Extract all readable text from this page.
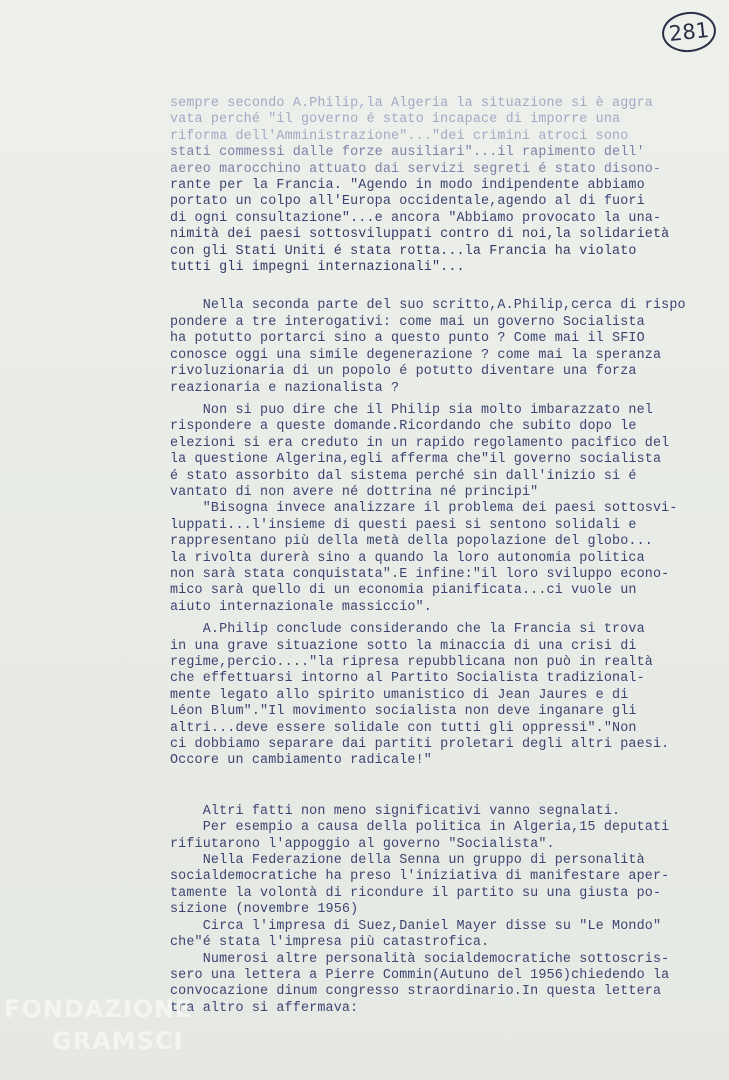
281

sempre secondo A.Philip,la Algeria la situazione si è aggra

vata perché "il governo é stato incapace di imporre una

riforma dell'Amministrazione"..."dei crimini atroci sono

stati commessi dalle forze ausiliari"...il rapimento dell'

aereo marocchino attuato dai servizi segreti é stato disono-

rante per la Francia. "Agendo in modo indipendente abbiamo

portato un colpo all'Europa occidentale,agendo al di fuori

di ogni consultazione"...e ancora "Abbiamo provocato la una-

nimità dei paesi sottosviluppati contro di noi,la solidarietà

con gli Stati Uniti é stata rotta...la Francia ha violato

tutti gli impegni internazionali"...

Nella seconda parte del suo scritto,A.Philip,cerca di rispo

pondere a tre interogativi: come mai un governo Socialista

ha potutto portarci sino a questo punto ? Come mai il SFIO

conosce oggi una simile degenerazione ? come mai la speranza

rivoluzionaria di un popolo é potutto diventare una forza

reazionaria e nazionalista ?

Non si puo dire che il Philip sia molto imbarazzato nel

rispondere a queste domande.Ricordando che subito dopo le

elezioni si era creduto in un rapido regolamento pacifico del

la questione Algerina,egli afferma che"il governo socialista

é stato assorbito dal sistema perché sin dall'inizio si é

vantato di non avere né dottrina né principi"

"Bisogna invece analizzare il problema dei paesi sottosvi-

luppati...l'insieme di questi paesi si sentono solidali e

rappresentano più della metà della popolazione del globo...

la rivolta durerà sino a quando la loro autonomia politica

non sarà stata conquistata".E infine:"il loro sviluppo econo-

mico sarà quello di un economia pianificata...ci vuole un

aiuto internazionale massiccio".

A.Philip conclude considerando che la Francia si trova

in una grave situazione sotto la minaccia di una crisi di

regime,percio...."la ripresa repubblicana non può in realtà

che effettuarsi intorno al Partito Socialista tradizional-

mente legato allo spirito umanistico di Jean Jaures e di

Léon Blum"."Il movimento socialista non deve inganare gli

altri...deve essere solidale con tutti gli oppressi"."Non

ci dobbiamo separare dai partiti proletari degli altri paesi.

Occore un cambiamento radicale!"

Altri fatti non meno significativi vanno segnalati.

Per esempio a causa della politica in Algeria,15 deputati

rifiutarono l'appoggio al governo "Socialista".

Nella Federazione della Senna un gruppo di personalità

socialdemocratiche ha preso l'iniziativa di manifestare aper-

tamente la volontà di ricondure il partito su una giusta po-

sizione (novembre 1956)

Circa l'impresa di Suez,Daniel Mayer disse su "Le Mondo"

che"é stata l'impresa più catastrofica.

Numerosi altre personalità socialdemocratiche sottoscris-

sero una lettera a Pierre Commin(Autuno del 1956)chiedendo la

convocazione dinum congresso straordinario.In questa lettera

tra altro si affermava:

FONDAZIONE
GRAMSCI
